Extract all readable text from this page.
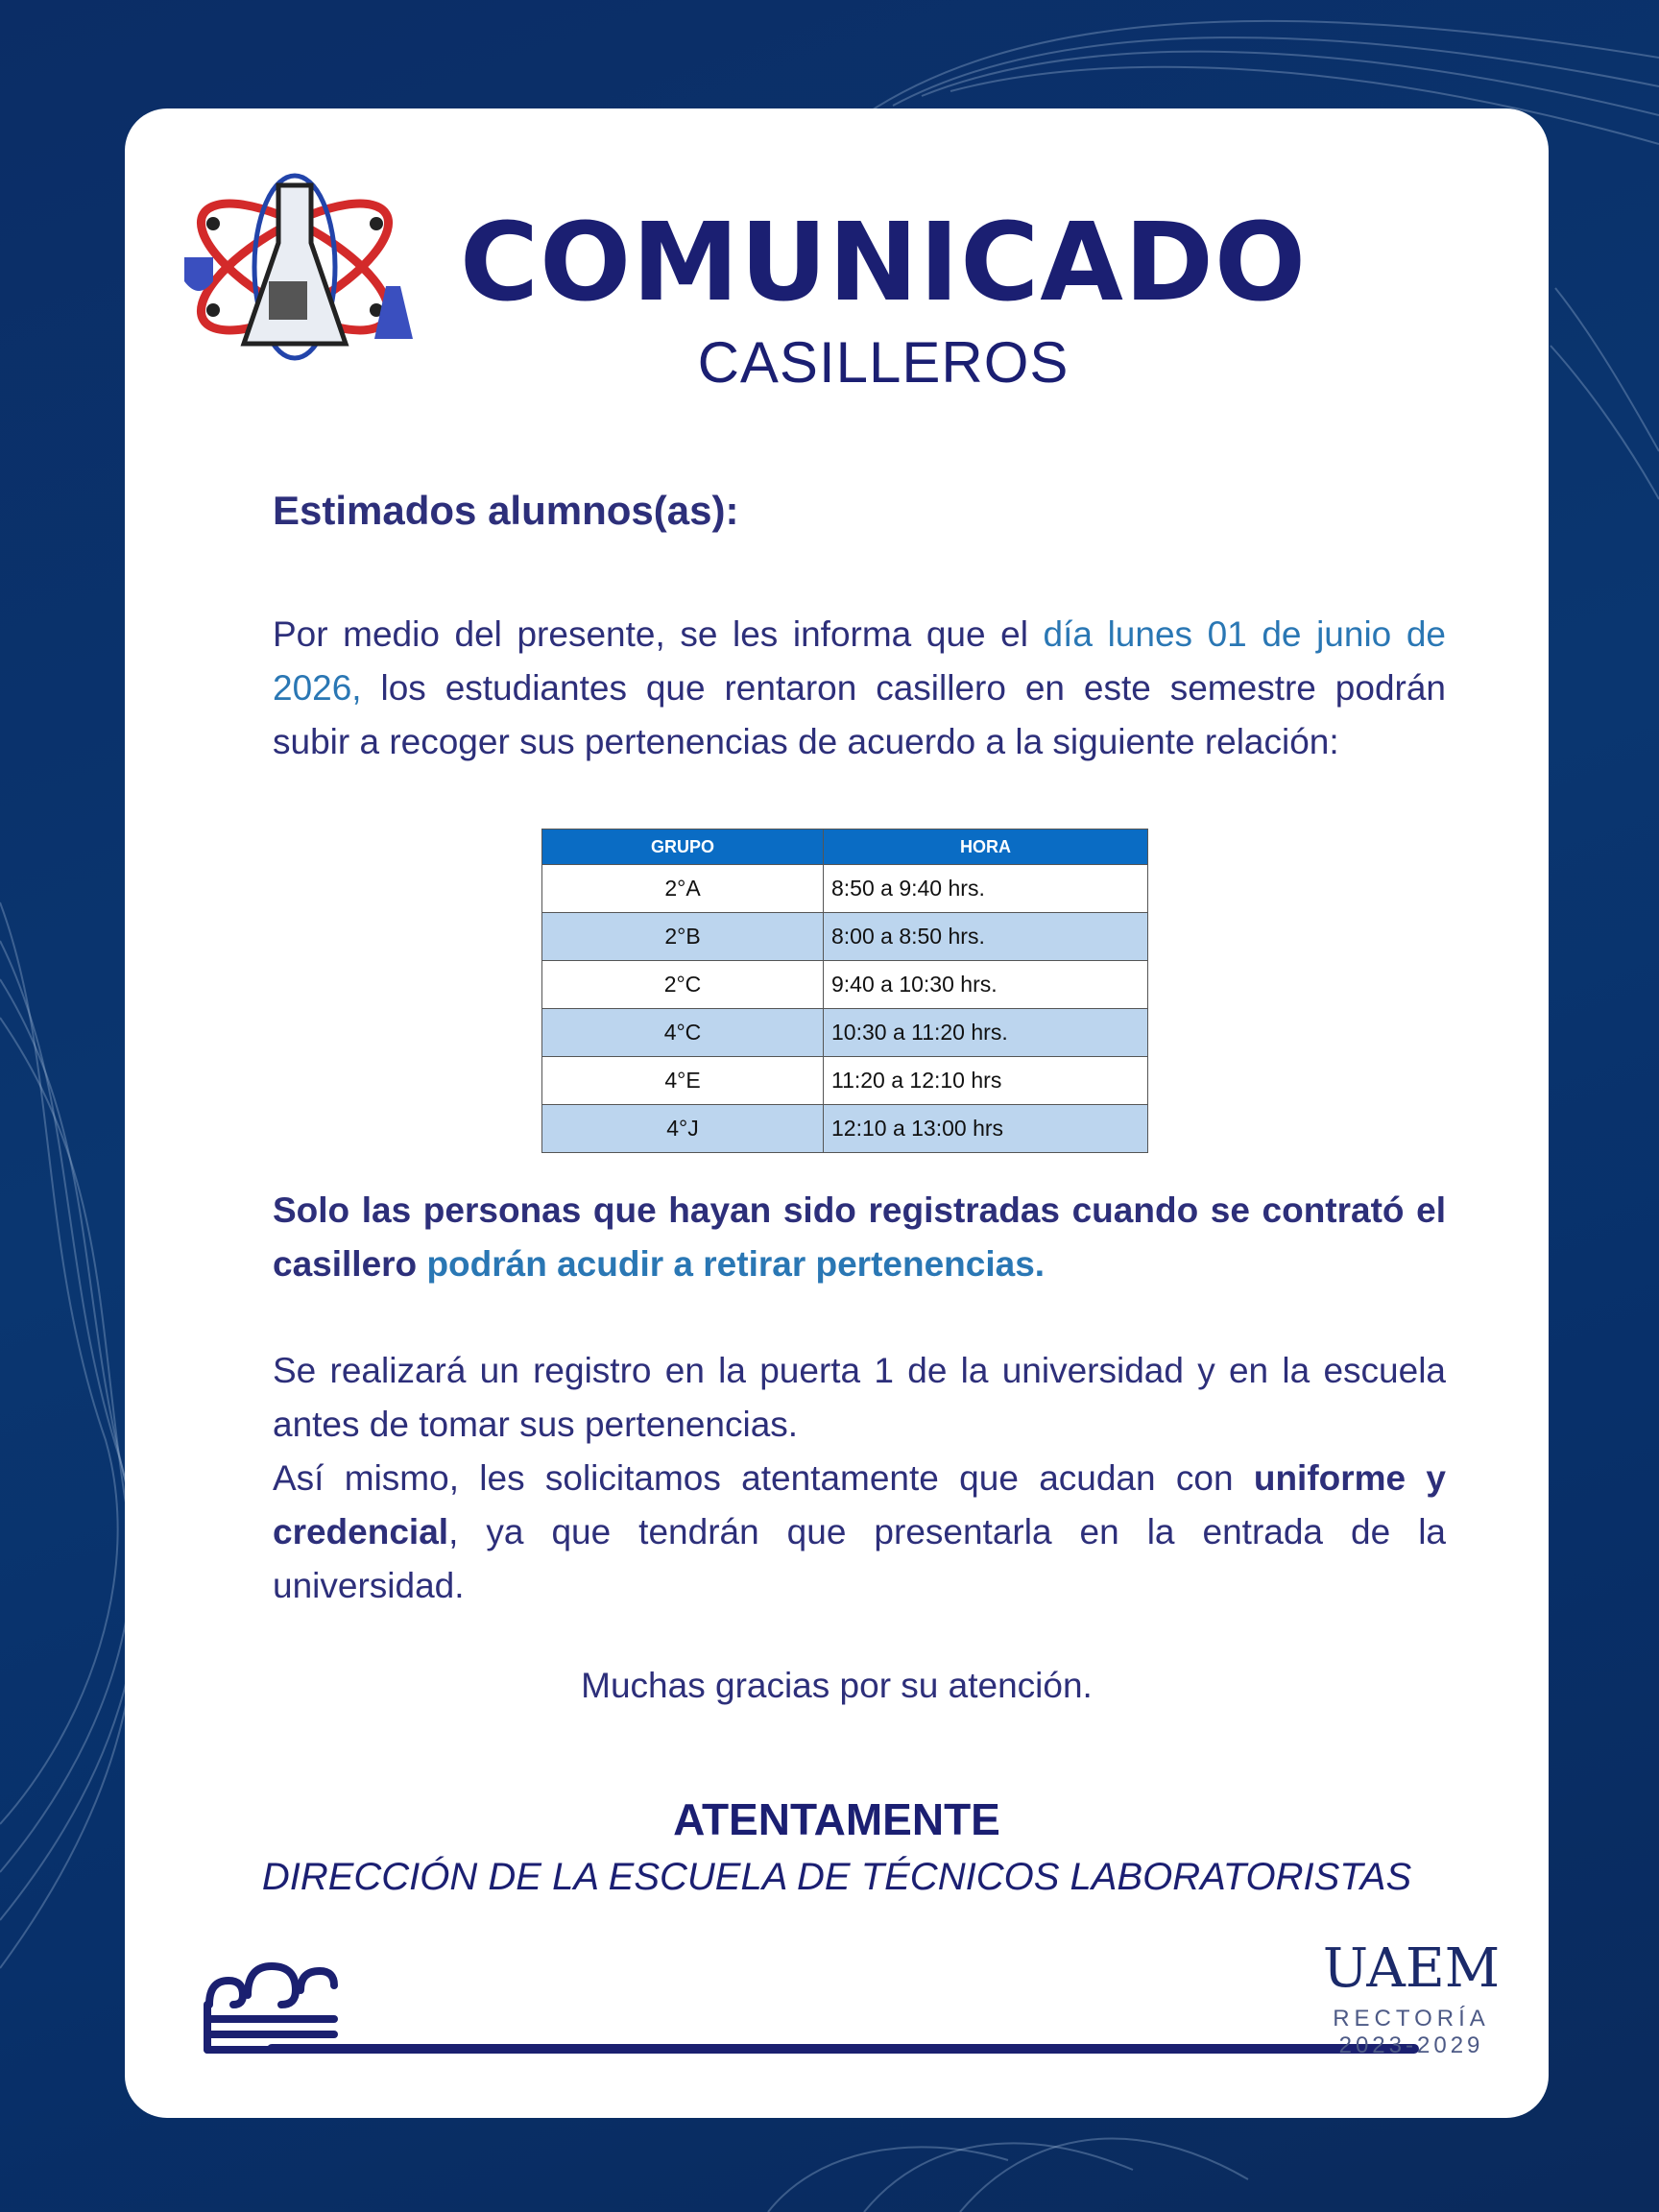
COMUNICADO
CASILLEROS
Estimados alumnos(as):

Por medio del presente, se les informa que el día lunes 01 de junio de 2026, los estudiantes que rentaron casillero en este semestre podrán subir a recoger sus pertenencias de acuerdo a la siguiente relación:

GRUPO	HORA
2°A	8:50 a 9:40 hrs.
2°B	8:00 a 8:50 hrs.
2°C	9:40 a 10:30 hrs.
4°C	10:30 a 11:20 hrs.
4°E	11:20 a 12:10 hrs
4°J	12:10 a 13:00 hrs

Solo las personas que hayan sido registradas cuando se contrató el casillero podrán acudir a retirar pertenencias.

Se realizará un registro en la puerta 1 de la universidad y en la escuela antes de tomar sus pertenencias.
Así mismo, les solicitamos atentamente que acudan con uniforme y credencial, ya que tendrán que presentarla en la entrada de la universidad.

Muchas gracias por su atención.
ATENTAMENTE
DIRECCIÓN DE LA ESCUELA DE TÉCNICOS LABORATORISTAS
UAEM
RECTORÍA
2023-2029
